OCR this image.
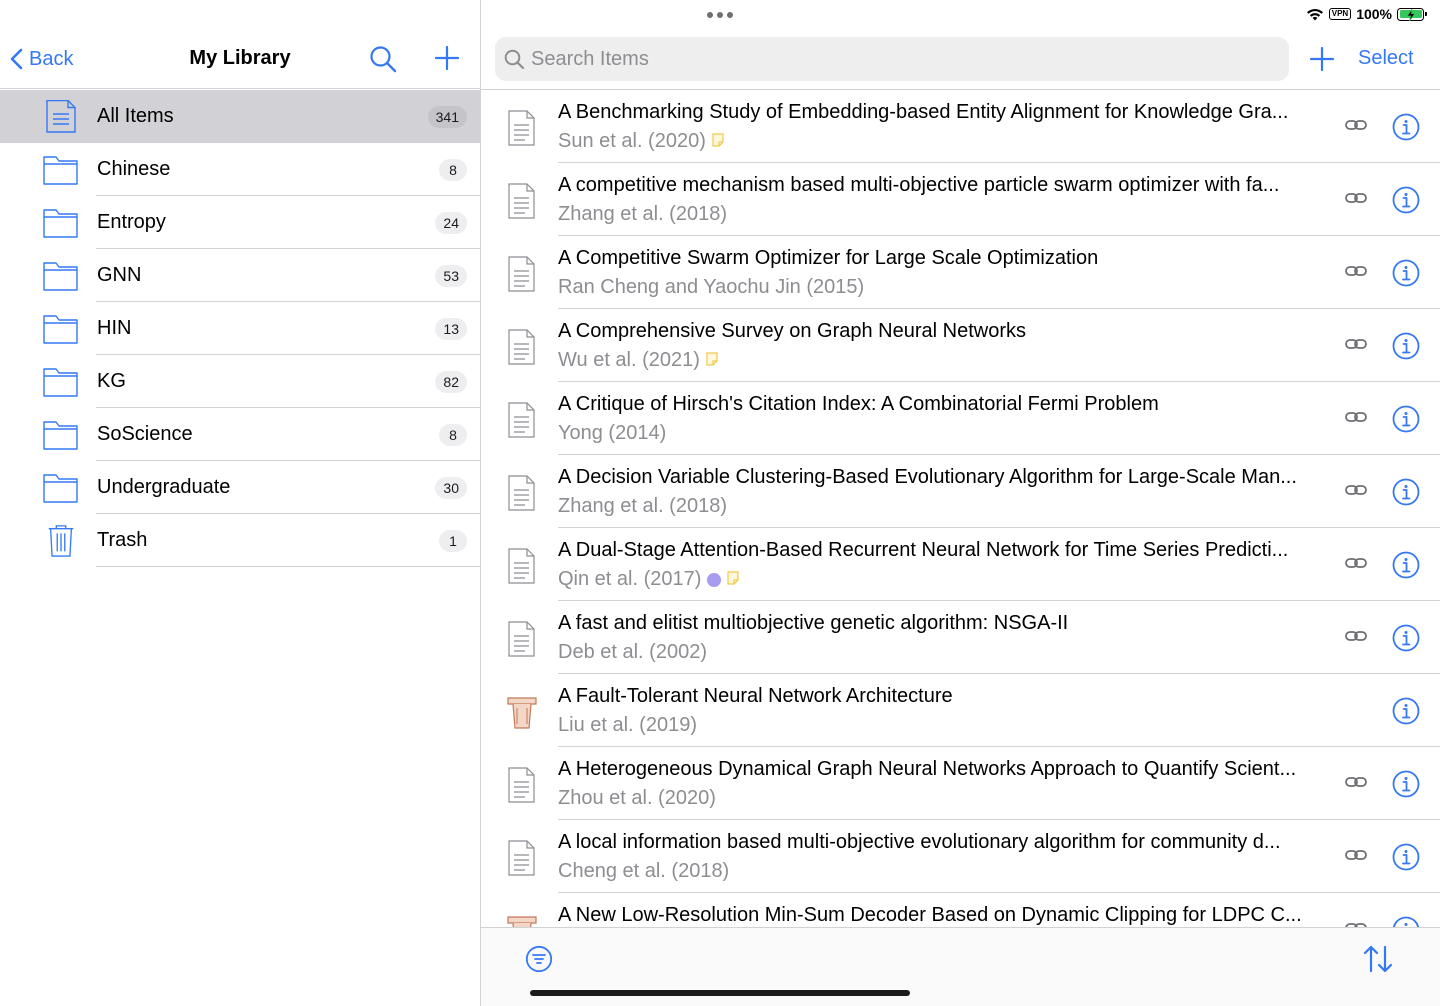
VPN 100%
Back	My Library
All Items	341
Chinese	8
Entropy	24
GNN	53
HIN	13
KG	82
SoScience	8
Undergraduate	30
Trash	1
Search Items
Select
A Benchmarking Study of Embedding-based Entity Alignment for Knowledge Gra...
Sun et al. (2020)
A competitive mechanism based multi-objective particle swarm optimizer with fa...
Zhang et al. (2018)
A Competitive Swarm Optimizer for Large Scale Optimization
Ran Cheng and Yaochu Jin (2015)
A Comprehensive Survey on Graph Neural Networks
Wu et al. (2021)
A Critique of Hirsch's Citation Index: A Combinatorial Fermi Problem
Yong (2014)
A Decision Variable Clustering-Based Evolutionary Algorithm for Large-Scale Man...
Zhang et al. (2018)
A Dual-Stage Attention-Based Recurrent Neural Network for Time Series Predicti...
Qin et al. (2017)
A fast and elitist multiobjective genetic algorithm: NSGA-II
Deb et al. (2002)
A Fault-Tolerant Neural Network Architecture
Liu et al. (2019)
A Heterogeneous Dynamical Graph Neural Networks Approach to Quantify Scient...
Zhou et al. (2020)
A local information based multi-objective evolutionary algorithm for community d...
Cheng et al. (2018)
A New Low-Resolution Min-Sum Decoder Based on Dynamic Clipping for LDPC C...
